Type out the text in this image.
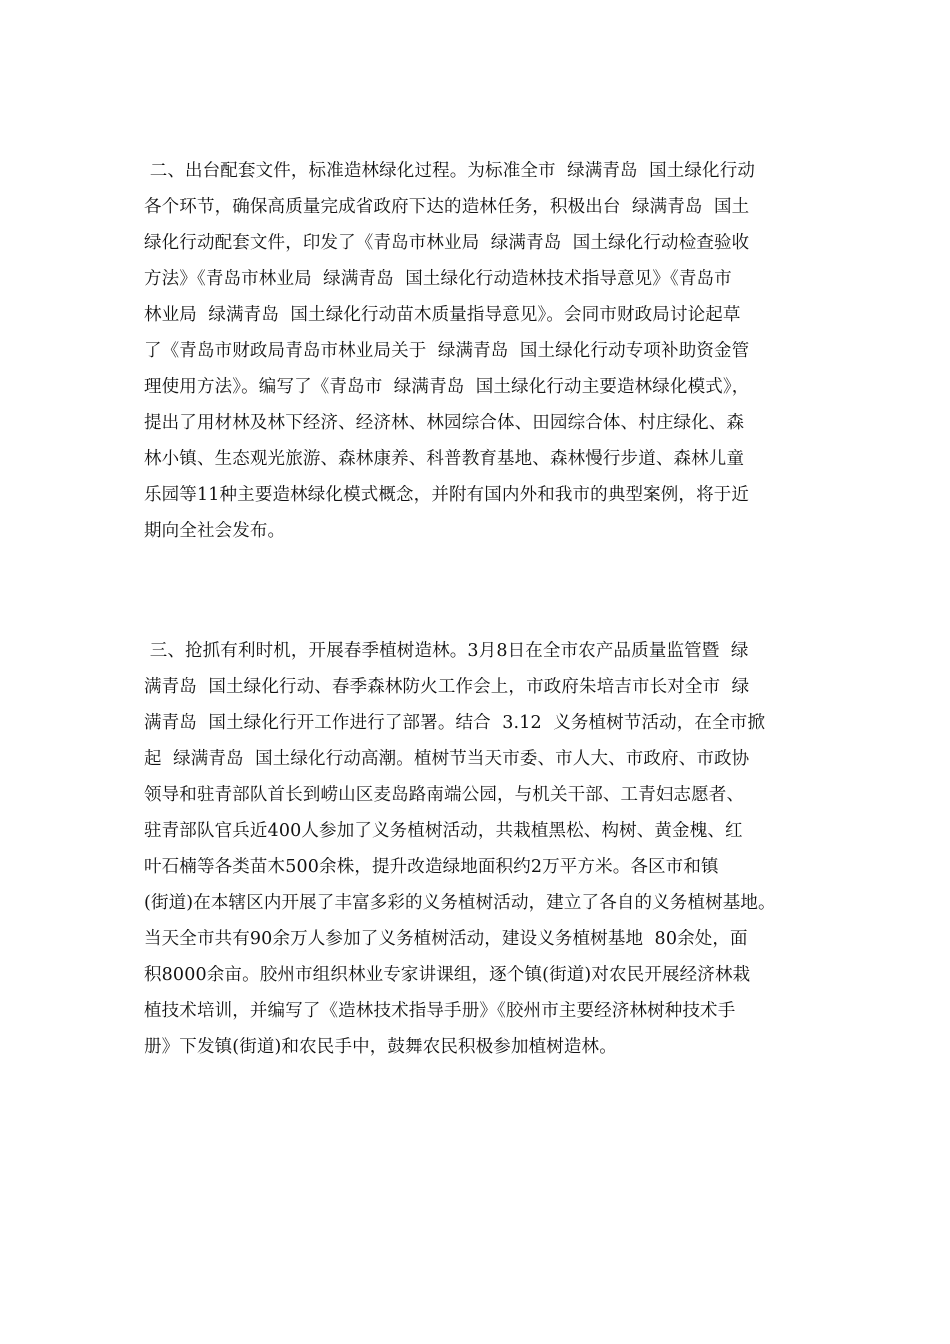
二、出台配套文件，标准造林绿化过程。为标准全市  绿满青岛  国土绿化行动
各个环节，确保高质量完成省政府下达的造林任务，积极出台  绿满青岛  国土
绿化行动配套文件，印发了《青岛市林业局  绿满青岛  国土绿化行动检查验收
方法》《青岛市林业局  绿满青岛  国土绿化行动造林技术指导意见》《青岛市
林业局  绿满青岛  国土绿化行动苗木质量指导意见》。会同市财政局讨论起草
了《青岛市财政局青岛市林业局关于  绿满青岛  国土绿化行动专项补助资金管
理使用方法》。编写了《青岛市  绿满青岛  国土绿化行动主要造林绿化模式》，
提出了用材林及林下经济、经济林、林园综合体、田园综合体、村庄绿化、森
林小镇、生态观光旅游、森林康养、科普教育基地、森林慢行步道、森林儿童
乐园等11种主要造林绿化模式概念，并附有国内外和我市的典型案例，将于近
期向全社会发布。
三、抢抓有利时机，开展春季植树造林。3月8日在全市农产品质量监管暨  绿
满青岛  国土绿化行动、春季森林防火工作会上，市政府朱培吉市长对全市  绿
满青岛  国土绿化行开工作进行了部署。结合  3.12  义务植树节活动，在全市掀
起  绿满青岛  国土绿化行动高潮。植树节当天市委、市人大、市政府、市政协
领导和驻青部队首长到崂山区麦岛路南端公园，与机关干部、工青妇志愿者、
驻青部队官兵近400人参加了义务植树活动，共栽植黑松、构树、黄金槐、红
叶石楠等各类苗木500余株，提升改造绿地面积约2万平方米。各区市和镇
(街道)在本辖区内开展了丰富多彩的义务植树活动，建立了各自的义务植树基地。
当天全市共有90余万人参加了义务植树活动，建设义务植树基地  80余处，面
积8000余亩。胶州市组织林业专家讲课组，逐个镇(街道)对农民开展经济林栽
植技术培训，并编写了《造林技术指导手册》《胶州市主要经济林树种技术手
册》下发镇(街道)和农民手中，鼓舞农民积极参加植树造林。
